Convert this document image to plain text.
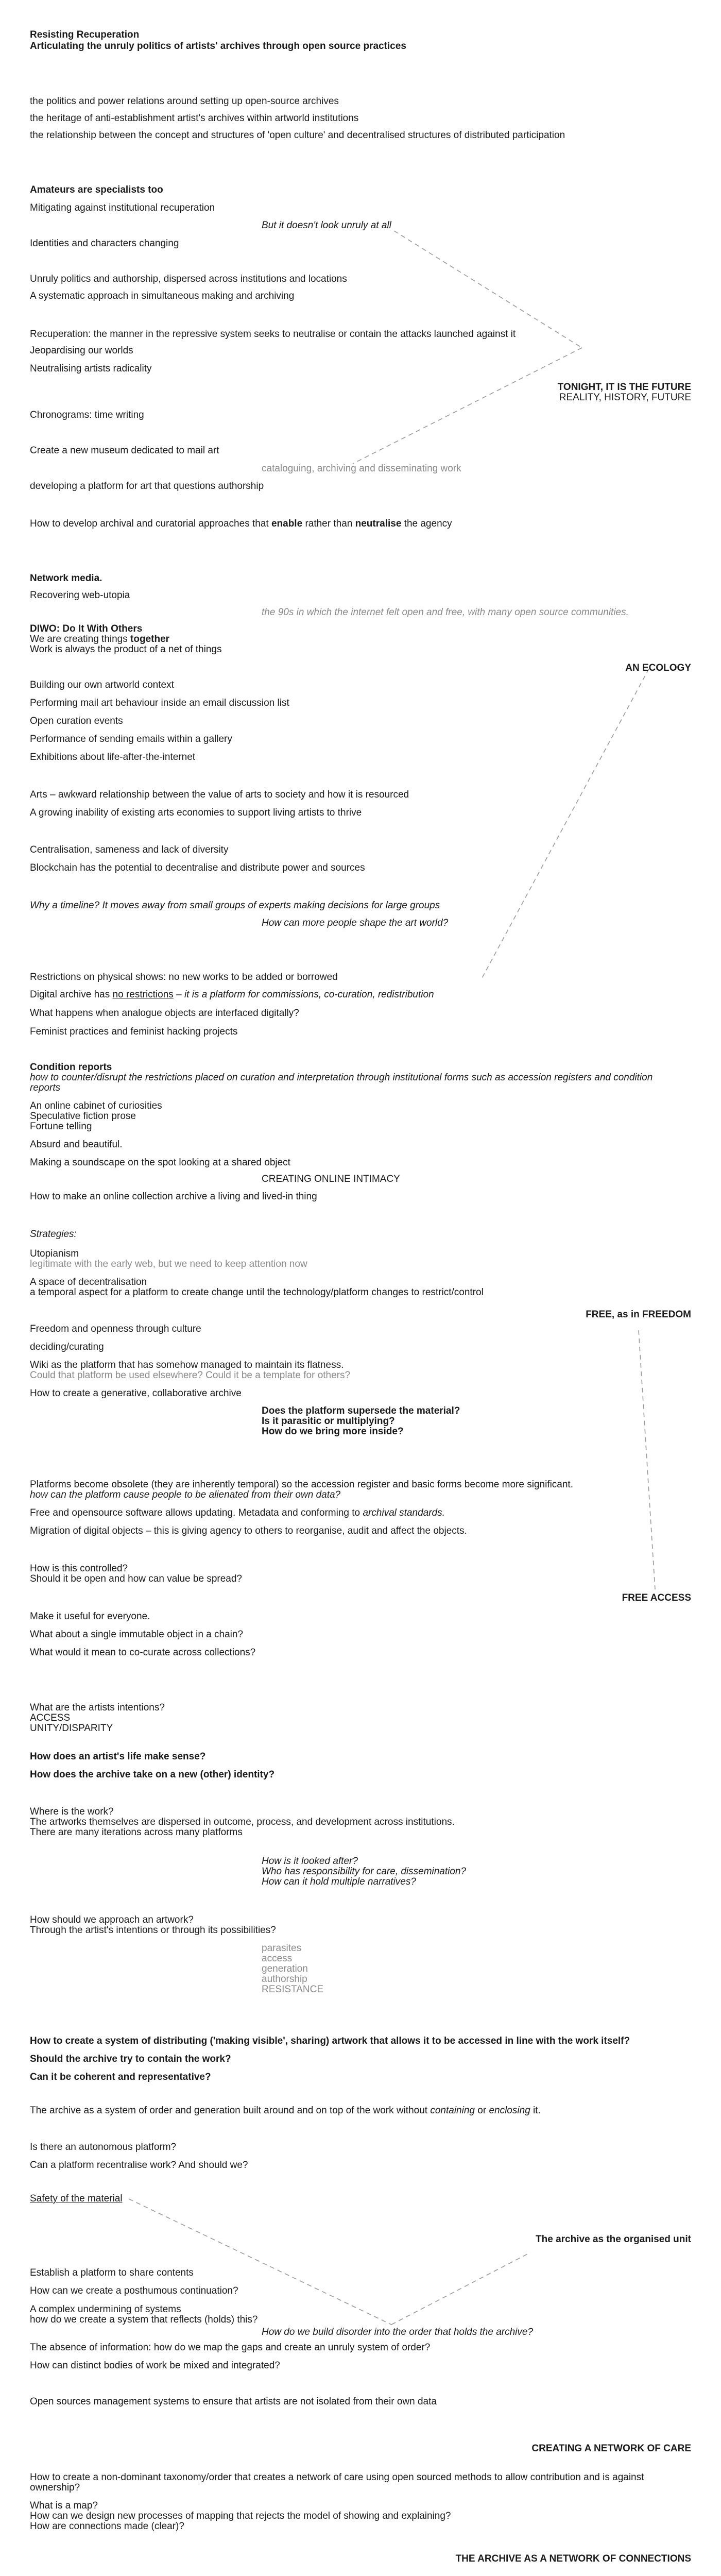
Resisting Recuperation

Articulating the unruly politics of artists' archives through open source practices

the politics and power relations around setting up open-source archives

the heritage of anti-establishment artist's archives within artworld institutions

the relationship between the concept and structures of 'open culture' and decentralised structures of distributed participation

Amateurs are specialists too

Mitigating against institutional recuperation

But it doesn't look unruly at all

Identities and characters changing

Unruly politics and authorship, dispersed across institutions and locations

A systematic approach in simultaneous making and archiving

Recuperation: the manner in the repressive system seeks to neutralise or contain the attacks launched against it

Jeopardising our worlds

Neutralising artists radicality

TONIGHT, IT IS THE FUTURE

REALITY, HISTORY, FUTURE

Chronograms: time writing

Create a new museum dedicated to mail art

cataloguing, archiving and disseminating work

developing a platform for art that questions authorship

How to develop archival and curatorial approaches that enable rather than neutralise the agency

Network media.

Recovering web-utopia

the 90s in which the internet felt open and free, with many open source communities.

DIWO: Do It With Others

We are creating things together

Work is always the product of a net of things

AN ECOLOGY

Building our own artworld context

Performing mail art behaviour inside an email discussion list

Open curation events

Performance of sending emails within a gallery

Exhibitions about life-after-the-internet

Arts – awkward relationship between the value of arts to society and how it is resourced

A growing inability of existing arts economies to support living artists to thrive

Centralisation, sameness and lack of diversity

Blockchain has the potential to decentralise and distribute power and sources

Why a timeline? It moves away from small groups of experts making decisions for large groups

How can more people shape the art world?

Restrictions on physical shows: no new works to be added or borrowed

Digital archive has no restrictions – it is a platform for commissions, co-curation, redistribution

What happens when analogue objects are interfaced digitally?

Feminist practices and feminist hacking projects

Condition reports

how to counter/disrupt the restrictions placed on curation and interpretation through institutional forms such as accession registers and condition

reports

An online cabinet of curiosities

Speculative fiction prose

Fortune telling

Absurd and beautiful.

Making a soundscape on the spot looking at a shared object

CREATING ONLINE INTIMACY

How to make an online collection archive a living and lived-in thing

Strategies:

Utopianism

legitimate with the early web, but we need to keep attention now

A space of decentralisation

a temporal aspect for a platform to create change until the technology/platform changes to restrict/control

FREE, as in FREEDOM

Freedom and openness through culture

deciding/curating

Wiki as the platform that has somehow managed to maintain its flatness.

Could that platform be used elsewhere? Could it be a template for others?

How to create a generative, collaborative archive

Does the platform supersede the material?

Is it parasitic or multiplying?

How do we bring more inside?

Platforms become obsolete (they are inherently temporal) so the accession register and basic forms become more significant.

how can the platform cause people to be alienated from their own data?

Free and opensource software allows updating. Metadata and conforming to archival standards.

Migration of digital objects – this is giving agency to others to reorganise, audit and affect the objects.

How is this controlled?

Should it be open and how can value be spread?

FREE ACCESS

Make it useful for everyone.

What about a single immutable object in a chain?

What would it mean to co-curate across collections?

What are the artists intentions?

ACCESS

UNITY/DISPARITY

How does an artist's life make sense?

How does the archive take on a new (other) identity?

Where is the work?

The artworks themselves are dispersed in outcome, process, and development across institutions.

There are many iterations across many platforms

How is it looked after?

Who has responsibility for care, dissemination?

How can it hold multiple narratives?

How should we approach an artwork?

Through the artist's intentions or through its possibilities?

parasites

access

generation

authorship

RESISTANCE

How to create a system of distributing ('making visible', sharing) artwork that allows it to be accessed in line with the work itself?

Should the archive try to contain the work?

Can it be coherent and representative?

The archive as a system of order and generation built around and on top of the work without containing or enclosing it.

Is there an autonomous platform?

Can a platform recentralise work? And should we?

Safety of the material

The archive as the organised unit

Establish a platform to share contents

How can we create a posthumous continuation?

A complex undermining of systems

how do we create a system that reflects (holds) this?

How do we build disorder into the order that holds the archive?

The absence of information: how do we map the gaps and create an unruly system of order?

How can distinct bodies of work be mixed and integrated?

Open sources management systems to ensure that artists are not isolated from their own data

CREATING A NETWORK OF CARE

How to create a non-dominant taxonomy/order that creates a network of care using open sourced methods to allow contribution and is against

ownership?

What is a map?

How can we design new processes of mapping that rejects the model of showing and explaining?

How are connections made (clear)?

THE ARCHIVE AS A NETWORK OF CONNECTIONS
